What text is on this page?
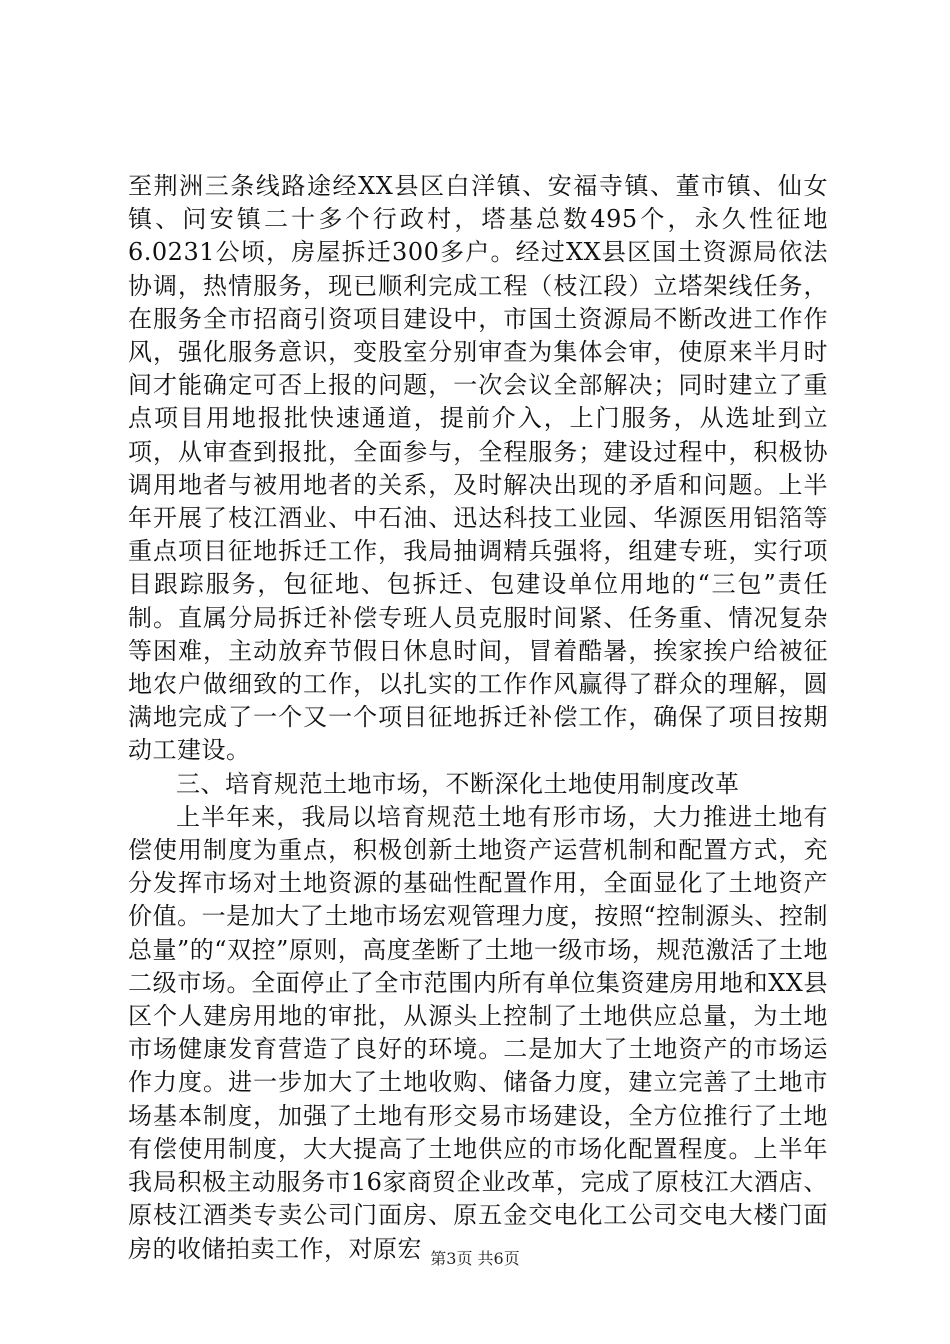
至荆洲三条线路途经XX县区白洋镇、安福寺镇、董市镇、仙女镇、问安镇二十多个行政村，塔基总数495个，永久性征地6.0231公顷，房屋拆迁300多户。经过XX县区国土资源局依法协调，热情服务，现已顺利完成工程（枝江段）立塔架线任务，在服务全市招商引资项目建设中，市国土资源局不断改进工作作风，强化服务意识，变股室分别审查为集体会审，使原来半月时间才能确定可否上报的问题，一次会议全部解决；同时建立了重点项目用地报批快速通道，提前介入，上门服务，从选址到立项，从审查到报批，全面参与，全程服务；建设过程中，积极协调用地者与被用地者的关系，及时解决出现的矛盾和问题。上半年开展了枝江酒业、中石油、迅达科技工业园、华源医用铝箔等重点项目征地拆迁工作，我局抽调精兵强将，组建专班，实行项目跟踪服务，包征地、包拆迁、包建设单位用地的“三包”责任制。直属分局拆迁补偿专班人员克服时间紧、任务重、情况复杂等困难，主动放弃节假日休息时间，冒着酷暑，挨家挨户给被征地农户做细致的工作，以扎实的工作作风赢得了群众的理解，圆满地完成了一个又一个项目征地拆迁补偿工作，确保了项目按期动工建设。

三、培育规范土地市场，不断深化土地使用制度改革

上半年来，我局以培育规范土地有形市场，大力推进土地有偿使用制度为重点，积极创新土地资产运营机制和配置方式，充分发挥市场对土地资源的基础性配置作用，全面显化了土地资产价值。一是加大了土地市场宏观管理力度，按照“控制源头、控制总量”的“双控”原则，高度垄断了土地一级市场，规范激活了土地二级市场。全面停止了全市范围内所有单位集资建房用地和XX县区个人建房用地的审批，从源头上控制了土地供应总量，为土地市场健康发育营造了良好的环境。二是加大了土地资产的市场运作力度。进一步加大了土地收购、储备力度，建立完善了土地市场基本制度，加强了土地有形交易市场建设，全方位推行了土地有偿使用制度，大大提高了土地供应的市场化配置程度。上半年我局积极主动服务市16家商贸企业改革，完成了原枝江大酒店、原枝江酒类专卖公司门面房、原五金交电化工公司交电大楼门面房的收储拍卖工作，对原宏 第3页 共6页
